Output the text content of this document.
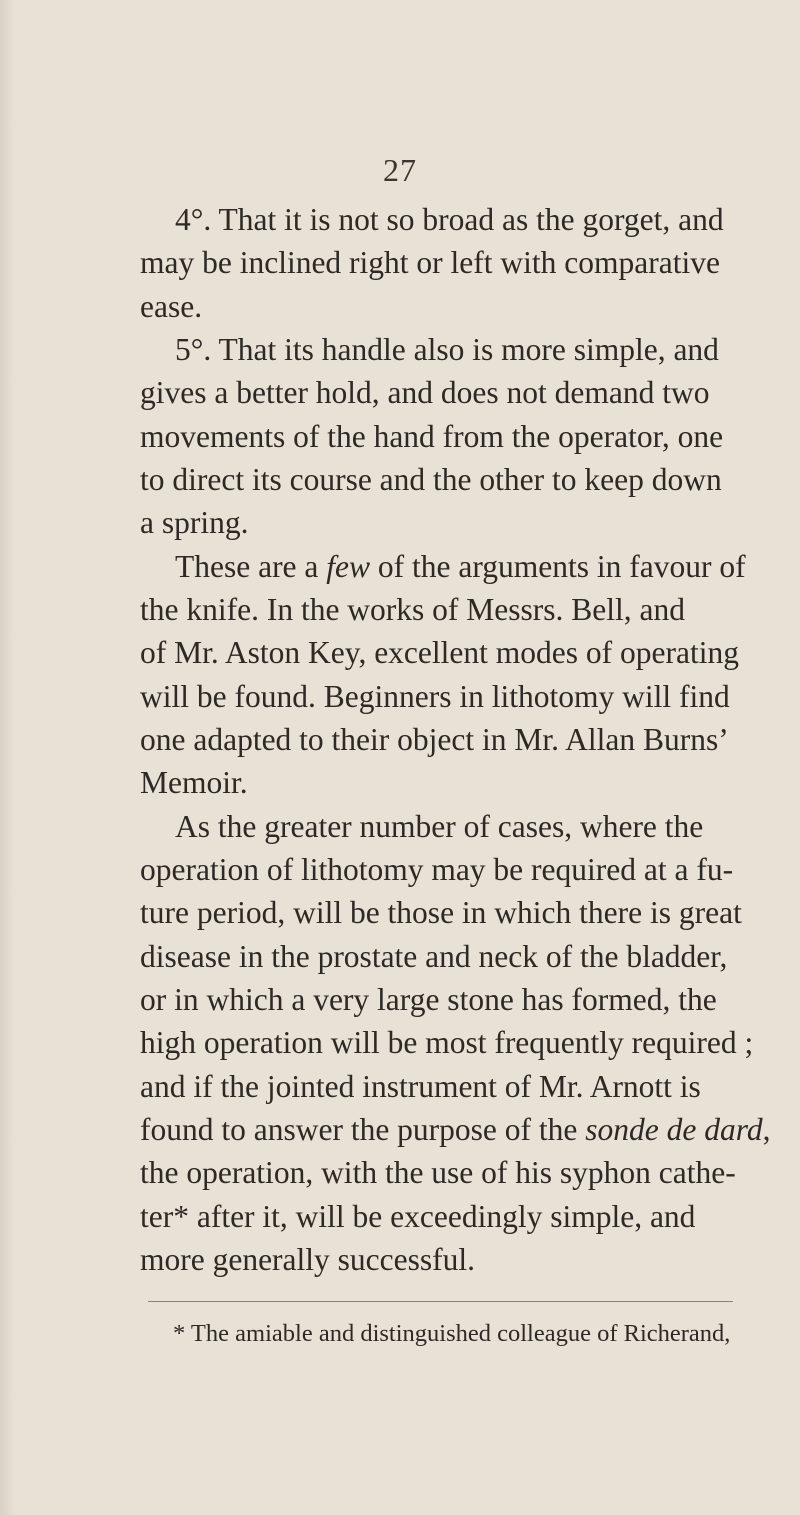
27
4°. That it is not so broad as the gorget, and
may be inclined right or left with comparative
ease.
5°. That its handle also is more simple, and
gives a better hold, and does not demand two
movements of the hand from the operator, one
to direct its course and the other to keep down
a spring.
These are a few of the arguments in favour of
the knife. In the works of Messrs. Bell, and
of Mr. Aston Key, excellent modes of operating
will be found. Beginners in lithotomy will find
one adapted to their object in Mr. Allan Burns’
Memoir.
As the greater number of cases, where the
operation of lithotomy may be required at a fu-
ture period, will be those in which there is great
disease in the prostate and neck of the bladder,
or in which a very large stone has formed, the
high operation will be most frequently required ;
and if the jointed instrument of Mr. Arnott is
found to answer the purpose of the sonde de dard,
the operation, with the use of his syphon cathe-
ter* after it, will be exceedingly simple, and
more generally successful.
* The amiable and distinguished colleague of Richerand,
